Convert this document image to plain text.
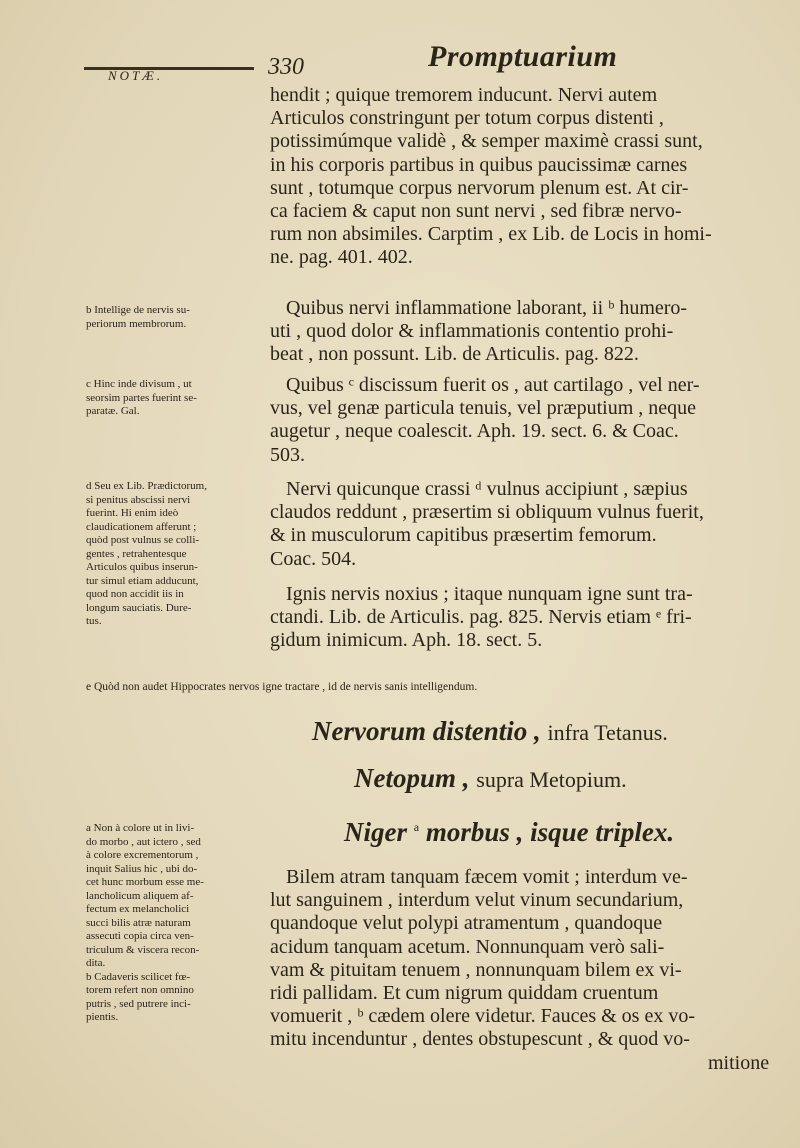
NOTÆ.	330	Promptuarium
hendit ; quique tremorem inducunt. Nervi autem
Articulos constringunt per totum corpus distenti ,
potissimúmque validè , & semper maximè crassi sunt,
in his corporis partibus in quibus paucissimæ carnes
sunt , totumque corpus nervorum plenum est. At cir-
ca faciem & caput non sunt nervi , sed fibræ nervo-
rum non absimiles. Carptim , ex Lib. de Locis in homi-
ne. pag. 401. 402.
Quibus nervi inflammatione laborant, ii ᵇ humero-
uti , quod dolor & inflammationis contentio prohi-
beat , non possunt. Lib. de Articulis. pag. 822.
b Intellige de nervis su-
periorum membrorum.
Quibus ᶜ discissum fuerit os , aut cartilago , vel ner-
vus, vel genæ particula tenuis, vel præputium , neque
augetur , neque coalescit. Aph. 19. sect. 6. & Coac.
503.
c Hinc inde divisum , ut
seorsim partes fuerint se-
paratæ. Gal.
Nervi quicunque crassi ᵈ vulnus accipiunt , sæpius
claudos reddunt , præsertim si obliquum vulnus fuerit,
& in musculorum capitibus præsertim femorum.
Coac. 504.
Ignis nervis noxius ; itaque nunquam igne sunt tra-
ctandi. Lib. de Articulis. pag. 825. Nervis etiam ᵉ fri-
gidum inimicum. Aph. 18. sect. 5.
d Seu ex Lib. Prædictorum,
si penitus abscissi nervi
fuerint. Hi enim ideò
claudicationem afferunt ;
quòd post vulnus se colli-
gentes , retrahentesque
Articulos quibus inserun-
tur simul etiam adducunt,
quod non accidit iis in
longum sauciatis. Dure-
tus.
e Quòd non audet Hippocrates nervos igne tractare , id de nervis sanis intelligendum.
Nervorum distentio , infra Tetanus.
Netopum , supra Metopium.
Niger $^a$ morbus , isque triplex.
Bilem atram tanquam fæcem vomit ; interdum ve-
lut sanguinem , interdum velut vinum secundarium,
quandoque velut polypi atramentum , quandoque
acidum tanquam acetum. Nonnunquam verò sali-
vam & pituitam tenuem , nonnunquam bilem ex vi-
ridi pallidam. Et cum nigrum quiddam cruentum
vomuerit , ᵇ cædem olere videtur. Fauces & os ex vo-
mitu incenduntur , dentes obstupescunt , & quod vo-
mitione
a Non à colore ut in livi-
do morbo , aut ictero , sed
à colore excrementorum ,
inquit Salius hic , ubi do-
cet hunc morbum esse me-
lancholicum aliquem af-
fectum ex melancholici
succi bilis atræ naturam
assecuti copia circa ven-
triculum & viscera recon-
dita.
b Cadaveris scilicet fœ-
torem refert non omnino
putris , sed putrere inci-
pientis.
